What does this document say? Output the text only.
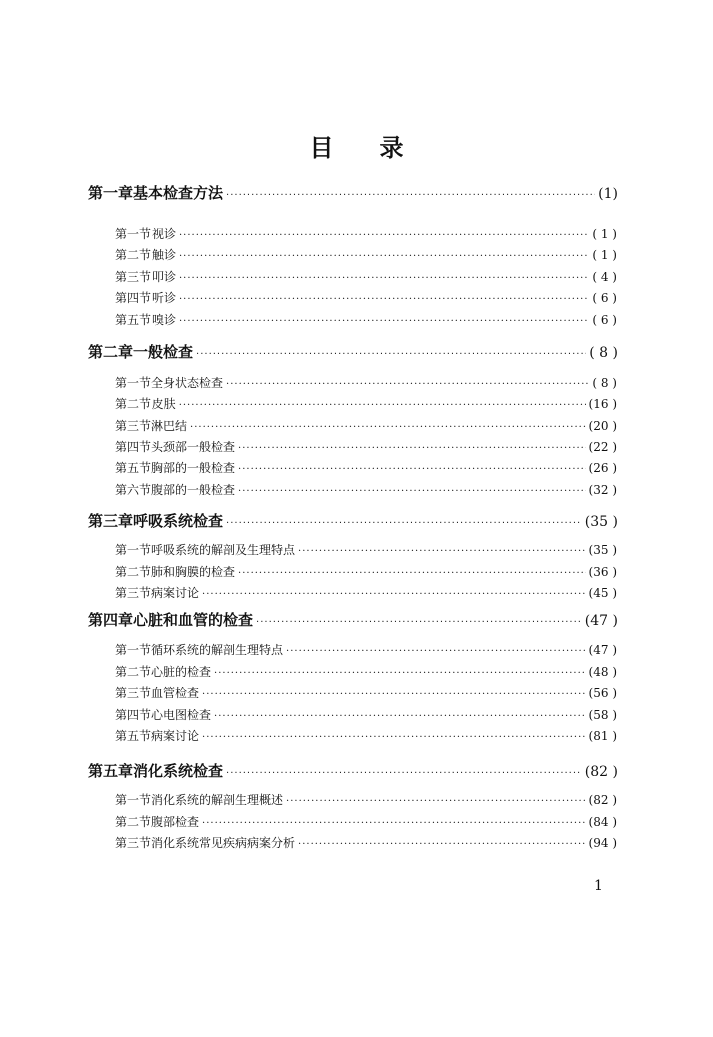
目 录
第一章 基本检查方法 ·····	(1)
第一节 视诊 ·····	( 1 )
第二节 触诊 ·····	( 1 )
第三节 叩诊 ·····	( 4 )
第四节 听诊 ·····	( 6 )
第五节 嗅诊 ·····	( 6 )
第二章 一般检查 ·····	( 8 )
第一节 全身状态检查 ·····	( 8 )
第二节 皮肤 ·····	(16 )
第三节 淋巴结 ·····	(20 )
第四节 头颈部一般检查 ·····	(22 )
第五节 胸部的一般检查 ·····	(26 )
第六节 腹部的一般检查 ·····	(32 )
第三章 呼吸系统检查 ·····	(35 )
第一节 呼吸系统的解剖及生理特点 ·····	(35 )
第二节 肺和胸膜的检查 ·····	(36 )
第三节 病案讨论 ·····	(45 )
第四章 心脏和血管的检查 ·····	(47 )
第一节 循环系统的解剖生理特点 ·····	(47 )
第二节 心脏的检查 ·····	(48 )
第三节 血管检查 ·····	(56 )
第四节 心电图检查 ·····	(58 )
第五节 病案讨论 ·····	(81 )
第五章 消化系统检查 ·····	(82 )
第一节 消化系统的解剖生理概述 ·····	(82 )
第二节 腹部检查 ·····	(84 )
第三节 消化系统常见疾病病案分析 ·····	(94 )
1
